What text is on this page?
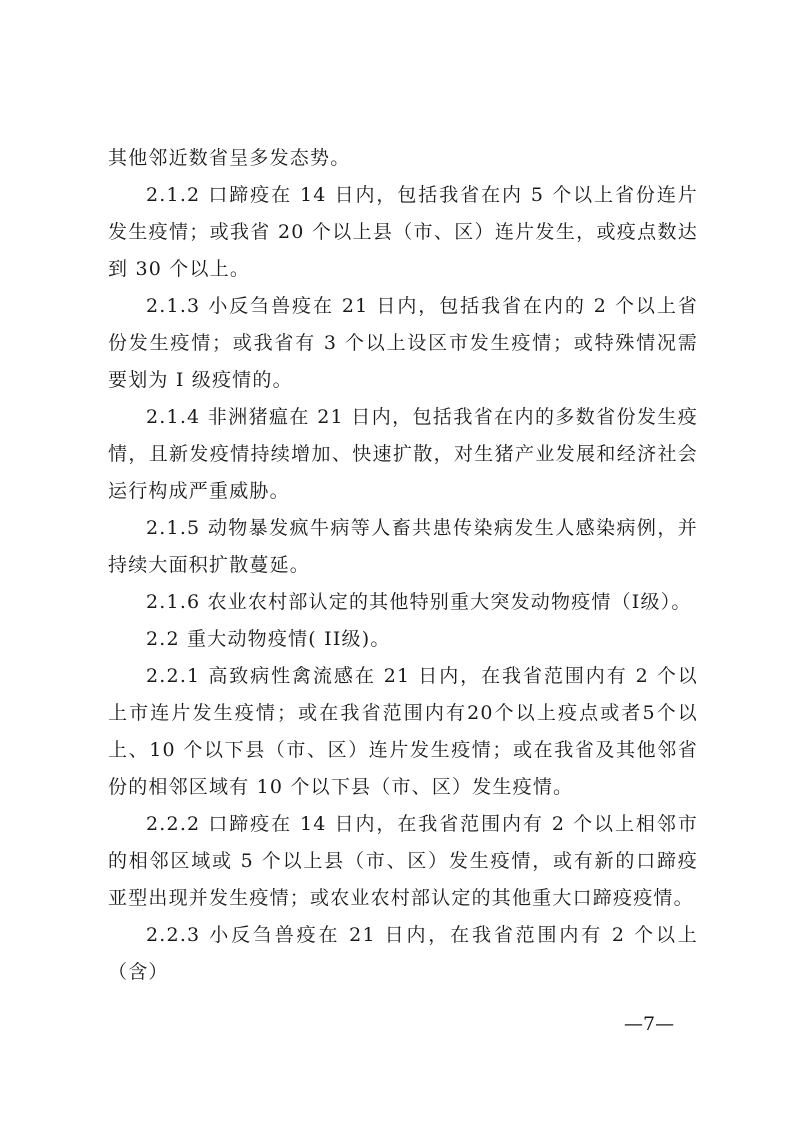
其他邻近数省呈多发态势。

2.1.2 口蹄疫在 14 日内，包括我省在内 5 个以上省份连片发生疫情；或我省 20 个以上县（市、区）连片发生，或疫点数达到 30 个以上。

2.1.3 小反刍兽疫在 21 日内，包括我省在内的 2 个以上省份发生疫情；或我省有 3 个以上设区市发生疫情；或特殊情况需要划为 I 级疫情的。

2.1.4 非洲猪瘟在 21 日内，包括我省在内的多数省份发生疫情，且新发疫情持续增加、快速扩散，对生猪产业发展和经济社会运行构成严重威胁。

2.1.5 动物暴发疯牛病等人畜共患传染病发生人感染病例，并持续大面积扩散蔓延。

2.1.6 农业农村部认定的其他特别重大突发动物疫情（I级）。

2.2 重大动物疫情( II级)。

2.2.1 高致病性禽流感在 21 日内，在我省范围内有 2 个以上市连片发生疫情；或在我省范围内有20个以上疫点或者5个以上、10 个以下县（市、区）连片发生疫情；或在我省及其他邻省份的相邻区域有 10 个以下县（市、区）发生疫情。

2.2.2 口蹄疫在 14 日内，在我省范围内有 2 个以上相邻市的相邻区域或 5 个以上县（市、区）发生疫情，或有新的口蹄疫亚型出现并发生疫情；或农业农村部认定的其他重大口蹄疫疫情。

2.2.3 小反刍兽疫在 21 日内，在我省范围内有 2 个以上（含）

—7—
